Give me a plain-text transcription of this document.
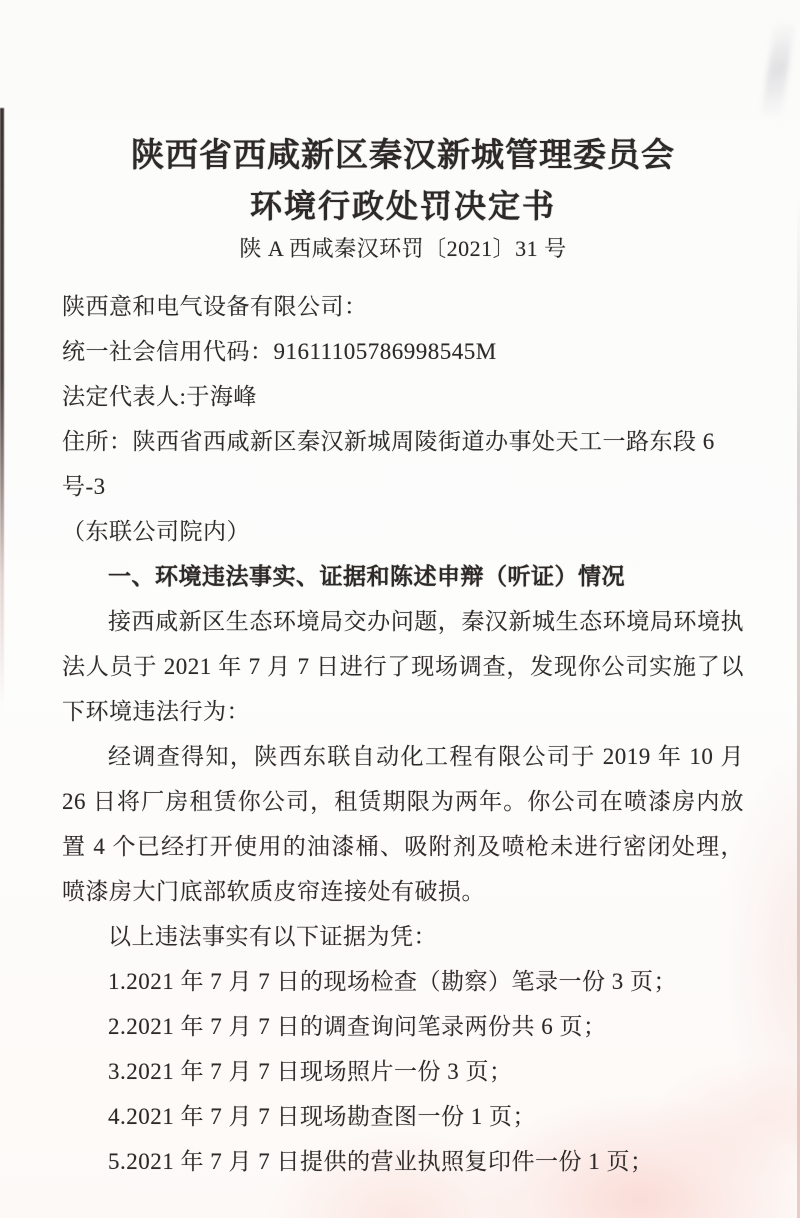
陕西省西咸新区秦汉新城管理委员会
环境行政处罚决定书
陕 A 西咸秦汉环罚〔2021〕31 号
陕西意和电气设备有限公司：
统一社会信用代码：91611105786998545M
法定代表人:于海峰
住所：陕西省西咸新区秦汉新城周陵街道办事处天工一路东段 6 号-3
（东联公司院内）
一、环境违法事实、证据和陈述申辩（听证）情况
接西咸新区生态环境局交办问题，秦汉新城生态环境局环境执法人员于 2021 年 7 月 7 日进行了现场调查，发现你公司实施了以下环境违法行为：
经调查得知，陕西东联自动化工程有限公司于 2019 年 10 月 26 日将厂房租赁你公司，租赁期限为两年。你公司在喷漆房内放置 4 个已经打开使用的油漆桶、吸附剂及喷枪未进行密闭处理，喷漆房大门底部软质皮帘连接处有破损。
以上违法事实有以下证据为凭：
1.2021 年 7 月 7 日的现场检查（勘察）笔录一份 3 页；
2.2021 年 7 月 7 日的调查询问笔录两份共 6 页；
3.2021 年 7 月 7 日现场照片一份 3 页；
4.2021 年 7 月 7 日现场勘查图一份 1 页；
5.2021 年 7 月 7 日提供的营业执照复印件一份 1 页；
